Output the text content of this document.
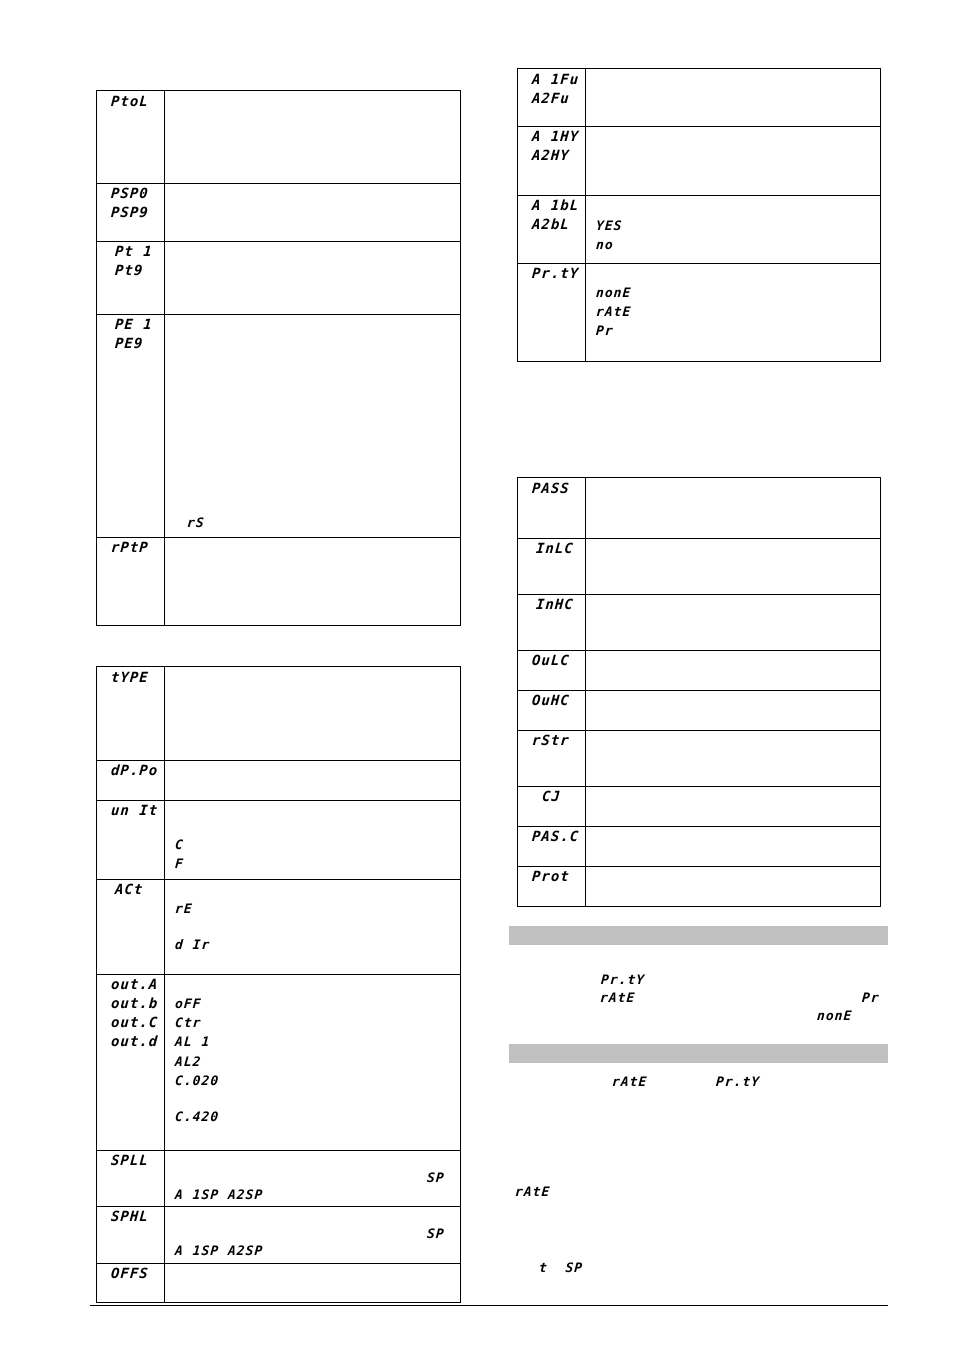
PtoL
PSP0
PSP9
Pt 1
Pt9
PE 1
PE9
rS
rPtP
tYPE
dP.Po
un It
C
F
ACt
rE
d Ir
out.A
out.b
out.C
out.d
oFF
Ctr
AL 1
AL2
C.020
C.420
SPLL
SP
A 1SP A2SP
SPHL
SP
A 1SP A2SP
OFFS
A 1Fu
A2Fu
A 1HY
A2HY
A 1bL
A2bL YES
no
Pr.tY
nonE
rAtE
Pr
PASS
InLC
InHC
OuLC
OuHC
rStr
CJ
PAS.C
Prot
Pr.tY
rAtE	Pr
nonE
rAtE	Pr.tY
rAtE
t  SP
